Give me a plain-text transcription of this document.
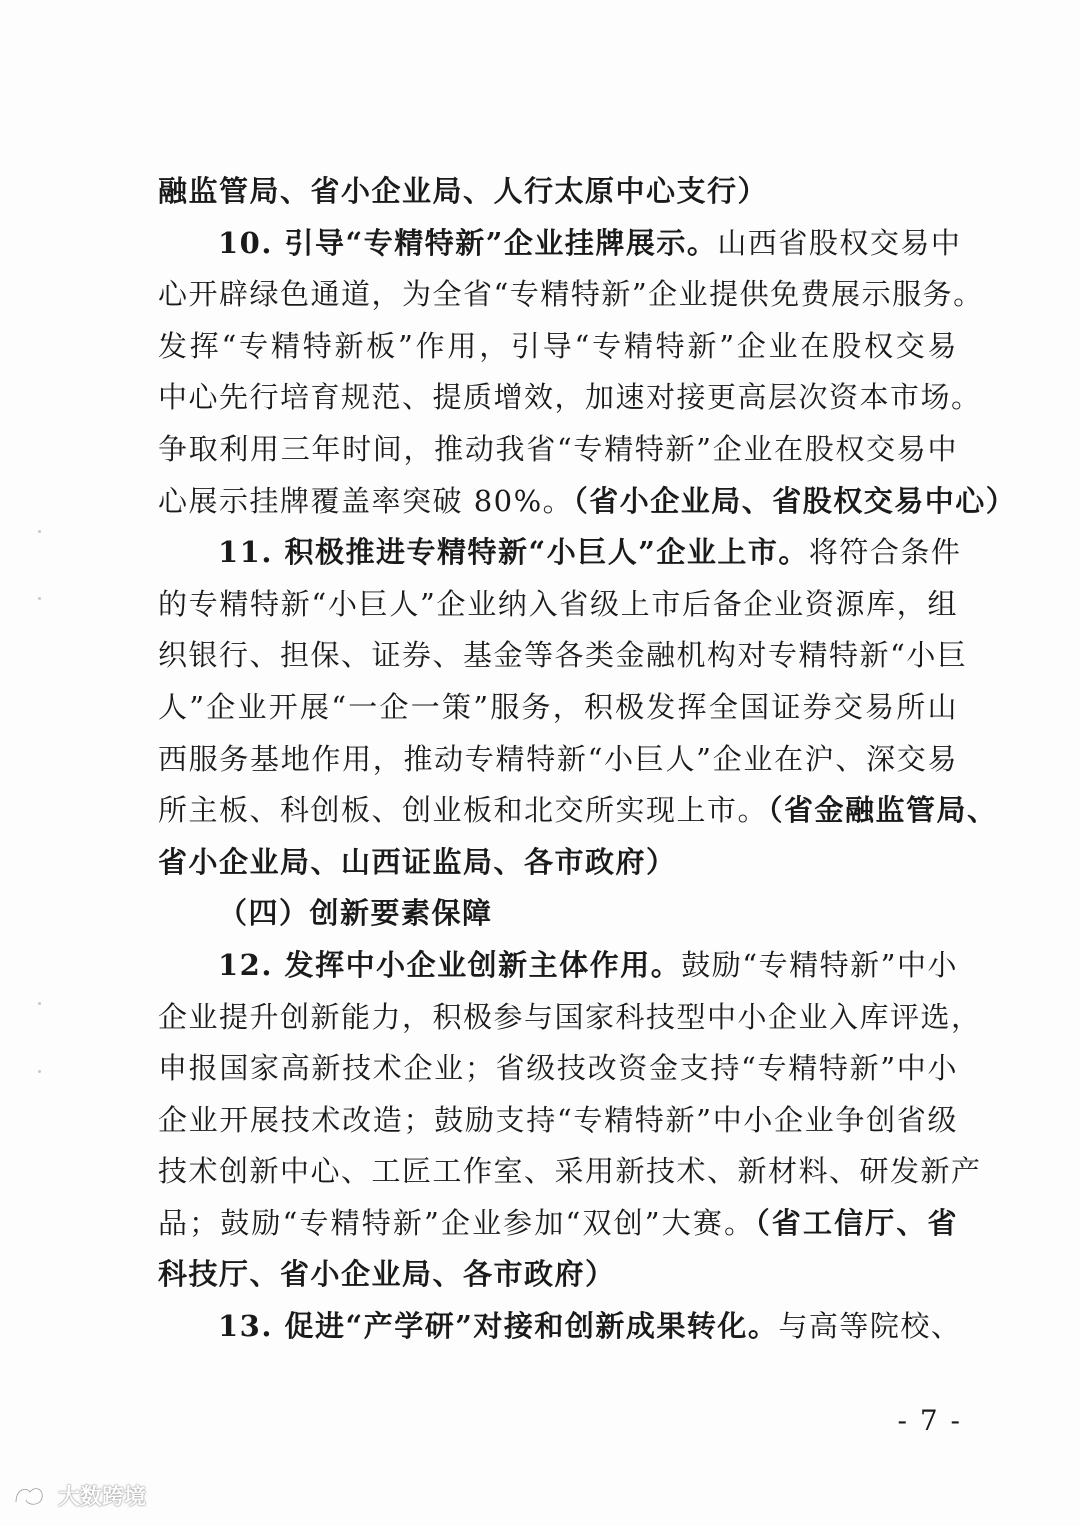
融监管局、省小企业局、人行太原中心支行）
10. 引导“专精特新”企业挂牌展示。山西省股权交易中
心开辟绿色通道，为全省“专精特新”企业提供免费展示服务。
发挥“专精特新板”作用，引导“专精特新”企业在股权交易
中心先行培育规范、提质增效，加速对接更高层次资本市场。
争取利用三年时间，推动我省“专精特新”企业在股权交易中
心展示挂牌覆盖率突破 80%。（省小企业局、省股权交易中心）
11. 积极推进专精特新“小巨人”企业上市。将符合条件
的专精特新“小巨人”企业纳入省级上市后备企业资源库，组
织银行、担保、证券、基金等各类金融机构对专精特新“小巨
人”企业开展“一企一策”服务，积极发挥全国证券交易所山
西服务基地作用，推动专精特新“小巨人”企业在沪、深交易
所主板、科创板、创业板和北交所实现上市。（省金融监管局、
省小企业局、山西证监局、各市政府）
（四）创新要素保障
12. 发挥中小企业创新主体作用。鼓励“专精特新”中小
企业提升创新能力，积极参与国家科技型中小企业入库评选，
申报国家高新技术企业；省级技改资金支持“专精特新”中小
企业开展技术改造；鼓励支持“专精特新”中小企业争创省级
技术创新中心、工匠工作室、采用新技术、新材料、研发新产
品；鼓励“专精特新”企业参加“双创”大赛。（省工信厅、省
科技厅、省小企业局、各市政府）
13. 促进“产学研”对接和创新成果转化。与高等院校、
- 7 -
大数跨境
